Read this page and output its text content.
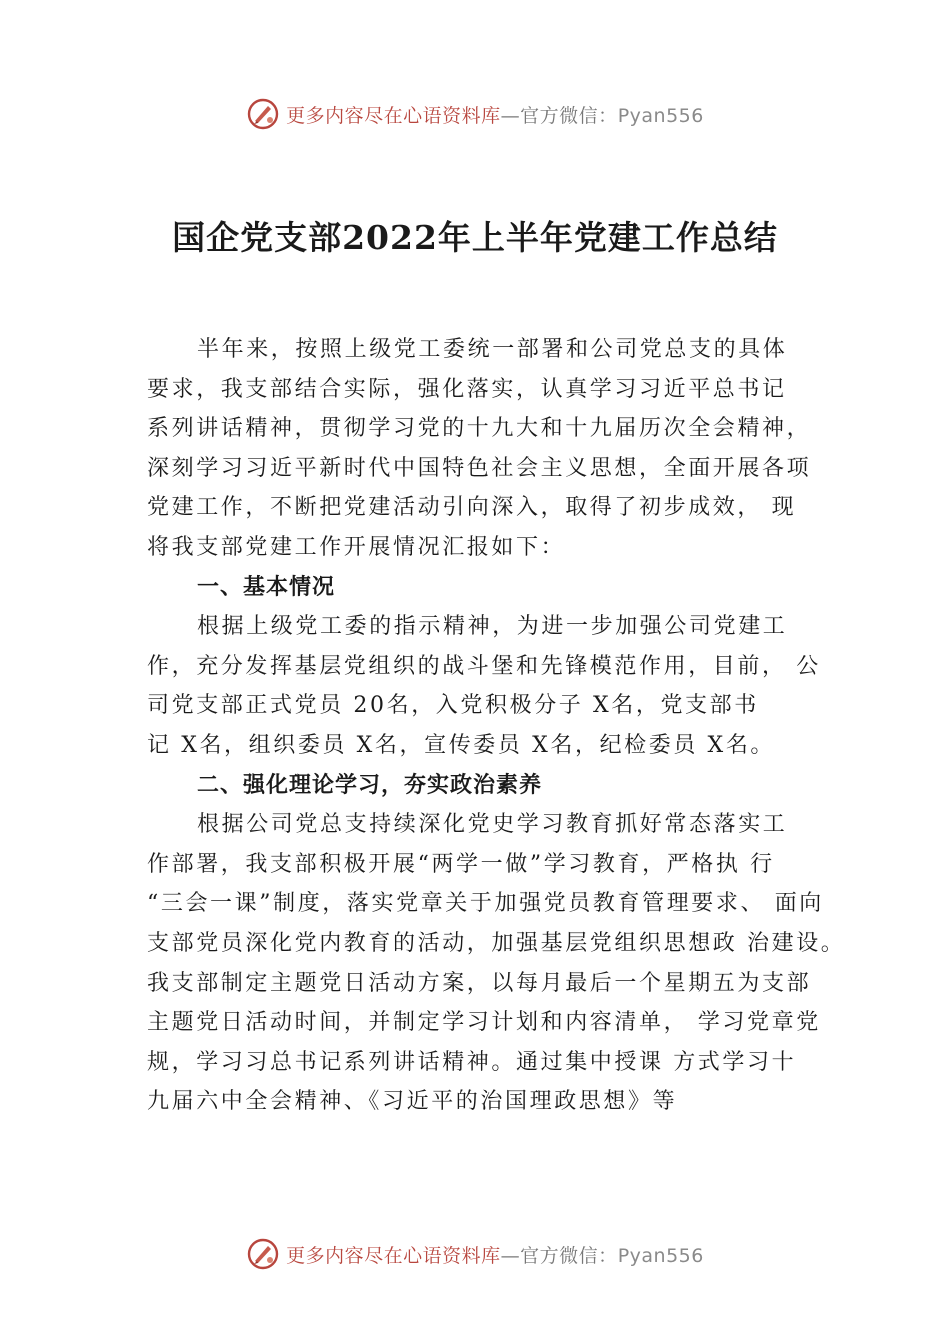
更多内容尽在心语资料库—官方微信：Pyan556
国企党支部2022年上半年党建工作总结
半年来，按照上级党工委统一部署和公司党总支的具体
要求，我支部结合实际，强化落实，认真学习习近平总书记
系列讲话精神，贯彻学习党的十九大和十九届历次全会精神，
深刻学习习近平新时代中国特色社会主义思想，全面开展各项
党建工作，不断把党建活动引向深入，取得了初步成效， 现
将我支部党建工作开展情况汇报如下：
一、基本情况
根据上级党工委的指示精神，为进一步加强公司党建工
作，充分发挥基层党组织的战斗堡和先锋模范作用，目前， 公
司党支部正式党员 20名，入党积极分子 X名，党支部书
记 X名，组织委员 X名，宣传委员 X名，纪检委员 X名。
二、强化理论学习，夯实政治素养
根据公司党总支持续深化党史学习教育抓好常态落实工
作部署，我支部积极开展“两学一做”学习教育，严格执 行
“三会一课”制度，落实党章关于加强党员教育管理要求、 面向
支部党员深化党内教育的活动，加强基层党组织思想政 治建设。
我支部制定主题党日活动方案，以每月最后一个星期五为支部
主题党日活动时间，并制定学习计划和内容清单， 学习党章党
规，学习习总书记系列讲话精神。通过集中授课 方式学习十
九届六中全会精神、《习近平的治国理政思想》等
更多内容尽在心语资料库—官方微信：Pyan556
